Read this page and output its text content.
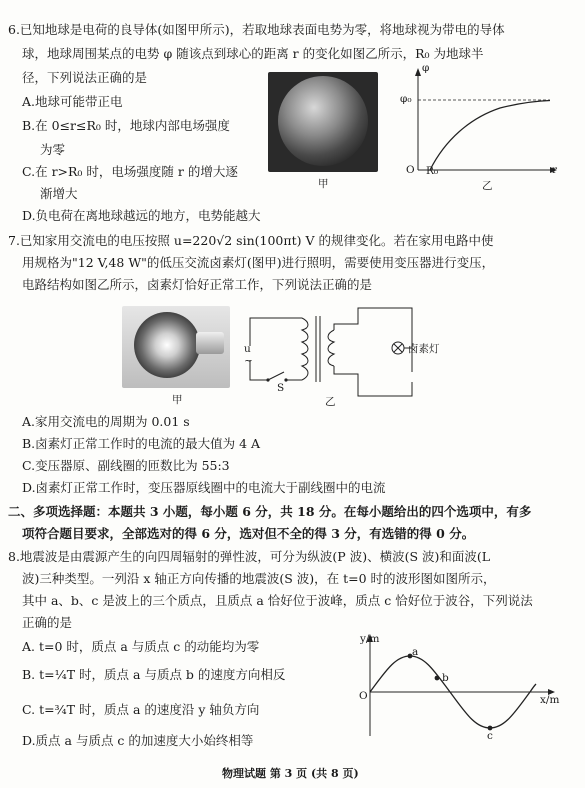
6.已知地球是电荷的良导体(如图甲所示)，若取地球表面电势为零，将地球视为带电的导体
球，地球周围某点的电势 φ 随该点到球心的距离 r 的变化如图乙所示，R₀ 为地球半
径，下列说法正确的是
A.地球可能带正电
B.在 0≤r≤R₀ 时，地球内部电场强度
为零
C.在 r>R₀ 时，电场强度随 r 的增大逐
渐增大
D.负电荷在离地球越远的地方，电势能越大
甲
φ
φ₀
O R₀	r
乙
7.已知家用交流电的电压按照 u=220√2 sin(100πt) V 的规律变化。若在家用电路中使
用规格为"12 V,48 W"的低压交流卤素灯(图甲)进行照明，需要使用变压器进行变压，
电路结构如图乙所示，卤素灯恰好正常工作，下列说法正确的是
甲
u
~
S
卤素灯
乙
A.家用交流电的周期为 0.01 s
B.卤素灯正常工作时的电流的最大值为 4 A
C.变压器原、副线圈的匝数比为 55:3
D.卤素灯正常工作时，变压器原线圈中的电流大于副线圈中的电流
二、多项选择题：本题共 3 小题，每小题 6 分，共 18 分。在每小题给出的四个选项中，有多
项符合题目要求，全部选对的得 6 分，选对但不全的得 3 分，有选错的得 0 分。
8.地震波是由震源产生的向四周辐射的弹性波，可分为纵波(P 波)、横波(S 波)和面波(L
波)三种类型。一列沿 x 轴正方向传播的地震波(S 波)，在 t=0 时的波形图如图所示，
其中 a、b、c 是波上的三个质点，且质点 a 恰好位于波峰，质点 c 恰好位于波谷，下列说法
正确的是
A. t=0 时，质点 a 与质点 c 的动能均为零
B. t=¼T 时，质点 a 与质点 b 的速度方向相反
C. t=¾T 时，质点 a 的速度沿 y 轴负方向
D.质点 a 与质点 c 的加速度大小始终相等
y/m
x/m
O
a
b
c
物理试题 第 3 页 (共 8 页)
